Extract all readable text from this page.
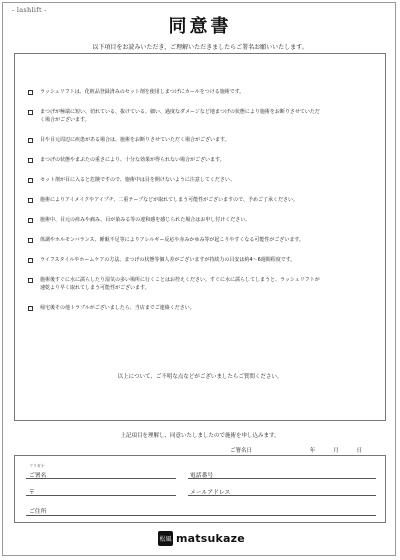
- lashlift -
同意書
以下項目をお読みいただき、ご理解いただきましたらご署名お願いいたします。
ラッシュリフトは、化粧品登録済みのセット剤を使用しまつげにカールをつける施術です。
まつげが極端に短い、切れている、抜けている、細い、過度なダメージなど地まつげの状態により施術をお断りさせていただ
く場合がございます。
目や目元周辺に疾患がある場合は、施術をお断りさせていただく場合がございます。
まつげの状態やまぶたの重さにより、十分な効果が得られない場合がございます。
セット剤が目に入ると危険ですので、施術中は目を開けないように注意してください。
施術によりアイメイクやアイプチ、二重テープなどが取れてしまう可能性がございますので、予めご了承ください。
施術中、目元の痒みや痛み、目が染みる等の違和感を感じられた場合はお申し付けください。
体調やホルモンバランス、睡眠不足等によりアレルギー反応や赤みかゆみ等が起こりやすくなる可能性がございます。
ライフスタイルやホームケアの方法、まつげの状態等個人差がございますが持続力の目安は約4〜6週間程度です。
施術後すぐに水に濡らしたり湿気の多い場所に行くことはお控えください。すぐに水に濡らしてしまうと、ラッシュリフトが
速乾より早く取れてしまう可能性がございます。
帰宅後その他トラブルがございましたら、当店までご連絡ください。
以上について、ご不明な点などがございましたらご質問ください。
上記項目を理解し、同意いたしましたので施術を申し込みます。
ご署名日	年	月	日
フリガナ
ご署名	電話番号
〒	メールアドレス
ご住所
松風 matsukaze
